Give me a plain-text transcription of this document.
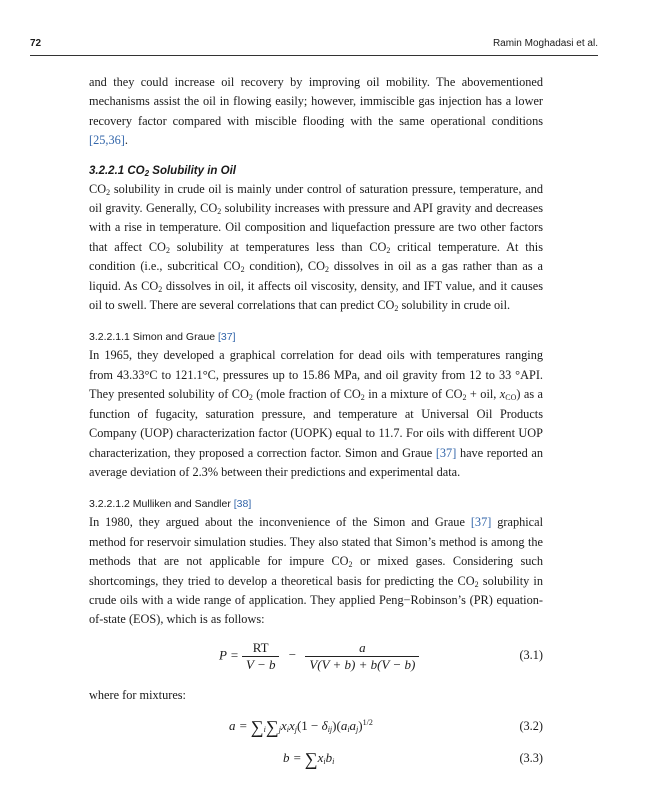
72	Ramin Moghadasi et al.

and they could increase oil recovery by improving oil mobility. The abovementioned mechanisms assist the oil in flowing easily; however, immiscible gas injection has a lower recovery factor compared with miscible flooding with the same operational conditions [25,36].

3.2.2.1 $CO_2$ Solubility in Oil

$CO_2$ solubility in crude oil is mainly under control of saturation pressure, temperature, and oil gravity. Generally, $CO_2$ solubility increases with pressure and API gravity and decreases with a rise in temperature. Oil composition and liquefaction pressure are two other factors that affect $CO_2$ solubility at temperatures less than $CO_2$ critical temperature. At this condition (i.e., subcritical $CO_2$ condition), $CO_2$ dissolves in oil as a gas rather than as a liquid. As $CO_2$ dissolves in oil, it affects oil viscosity, density, and IFT value, and it causes oil to swell. There are several correlations that can predict $CO_2$ solubility in crude oil.

3.2.2.1.1 Simon and Graue [37]

In 1965, they developed a graphical correlation for dead oils with temperatures ranging from 43.33°C to 121.1°C, pressures up to 15.86 MPa, and oil gravity from 12 to 33 °API. They presented solubility of $CO_2$ (mole fraction of $CO_2$ in a mixture of $CO_2$ + oil, $x_{CO}$) as a function of fugacity, saturation pressure, and temperature at Universal Oil Products Company (UOP) characterization factor (UOPK) equal to 11.7. For oils with different UOP characterization, they proposed a correction factor. Simon and Graue [37] have reported an average deviation of 2.3% between their predictions and experimental data.

3.2.2.1.2 Mulliken and Sandler [38]

In 1980, they argued about the inconvenience of the Simon and Graue [37] graphical method for reservoir simulation studies. They also stated that Simon’s method is among the methods that are not applicable for impure $CO_2$ or mixed gases. Considering such shortcomings, they tried to develop a theoretical basis for predicting the $CO_2$ solubility in crude oils with a wide range of application. They applied Peng−Robinson’s (PR) equation-of-state (EOS), which is as follows:

$P = \frac{RT}{V - b} - \frac{a}{V(V + b) + b(V - b)}$	(3.1)

where for mixtures:

$a = \sum_i\sum_jx_ix_j(1 - \delta_{ij})(a_ia_j)^{1/2}$	(3.2)
$b = \sum x_ib_i$	(3.3)
